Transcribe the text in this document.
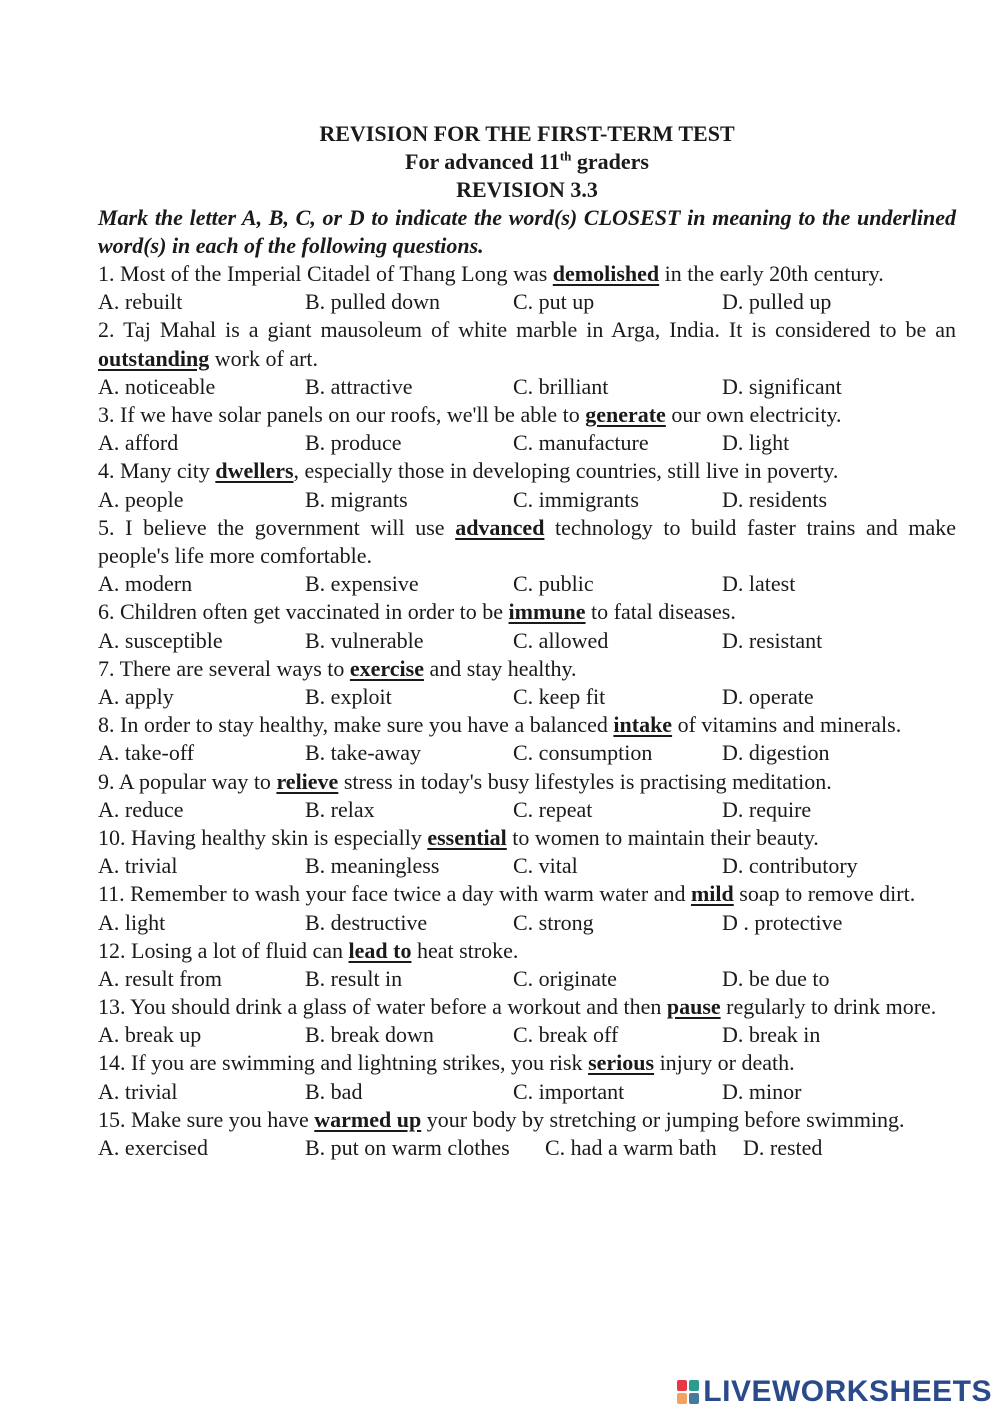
REVISION FOR THE FIRST-TERM TEST
For advanced 11th graders
REVISION 3.3
Mark the letter A, B, C, or D to indicate the word(s) CLOSEST in meaning to the underlined word(s) in each of the following questions.
1. Most of the Imperial Citadel of Thang Long was demolished in the early 20th century.
A. rebuilt	B. pulled down	C. put up	D. pulled up
2. Taj Mahal is a giant mausoleum of white marble in Arga, India. It is considered to be an outstanding work of art.
A. noticeable	B. attractive	C. brilliant	D. significant
3. If we have solar panels on our roofs, we'll be able to generate our own electricity.
A. afford	B. produce	C. manufacture	D. light
4. Many city dwellers, especially those in developing countries, still live in poverty.
A. people	B. migrants	C. immigrants	D. residents
5. I believe the government will use advanced technology to build faster trains and make people's life more comfortable.
A. modern	B. expensive	C. public	D. latest
6. Children often get vaccinated in order to be immune to fatal diseases.
A. susceptible	B. vulnerable	C. allowed	D. resistant
7. There are several ways to exercise and stay healthy.
A. apply	B. exploit	C. keep fit	D. operate
8. In order to stay healthy, make sure you have a balanced intake of vitamins and minerals.
A. take-off	B. take-away	C. consumption	D. digestion
9. A popular way to relieve stress in today's busy lifestyles is practising meditation.
A. reduce	B. relax	C. repeat	D. require
10. Having healthy skin is especially essential to women to maintain their beauty.
A. trivial	B. meaningless	C. vital	D. contributory
11. Remember to wash your face twice a day with warm water and mild soap to remove dirt.
A. light	B. destructive	C. strong	D . protective
12. Losing a lot of fluid can lead to heat stroke.
A. result from	B. result in	C. originate	D. be due to
13. You should drink a glass of water before a workout and then pause regularly to drink more.
A. break up	B. break down	C. break off	D. break in
14. If you are swimming and lightning strikes, you risk serious injury or death.
A. trivial	B. bad	C. important	D. minor
15. Make sure you have warmed up your body by stretching or jumping before swimming.
A. exercised	B. put on warm clothes C. had a warm bath D. rested
LIVEWORKSHEETS
